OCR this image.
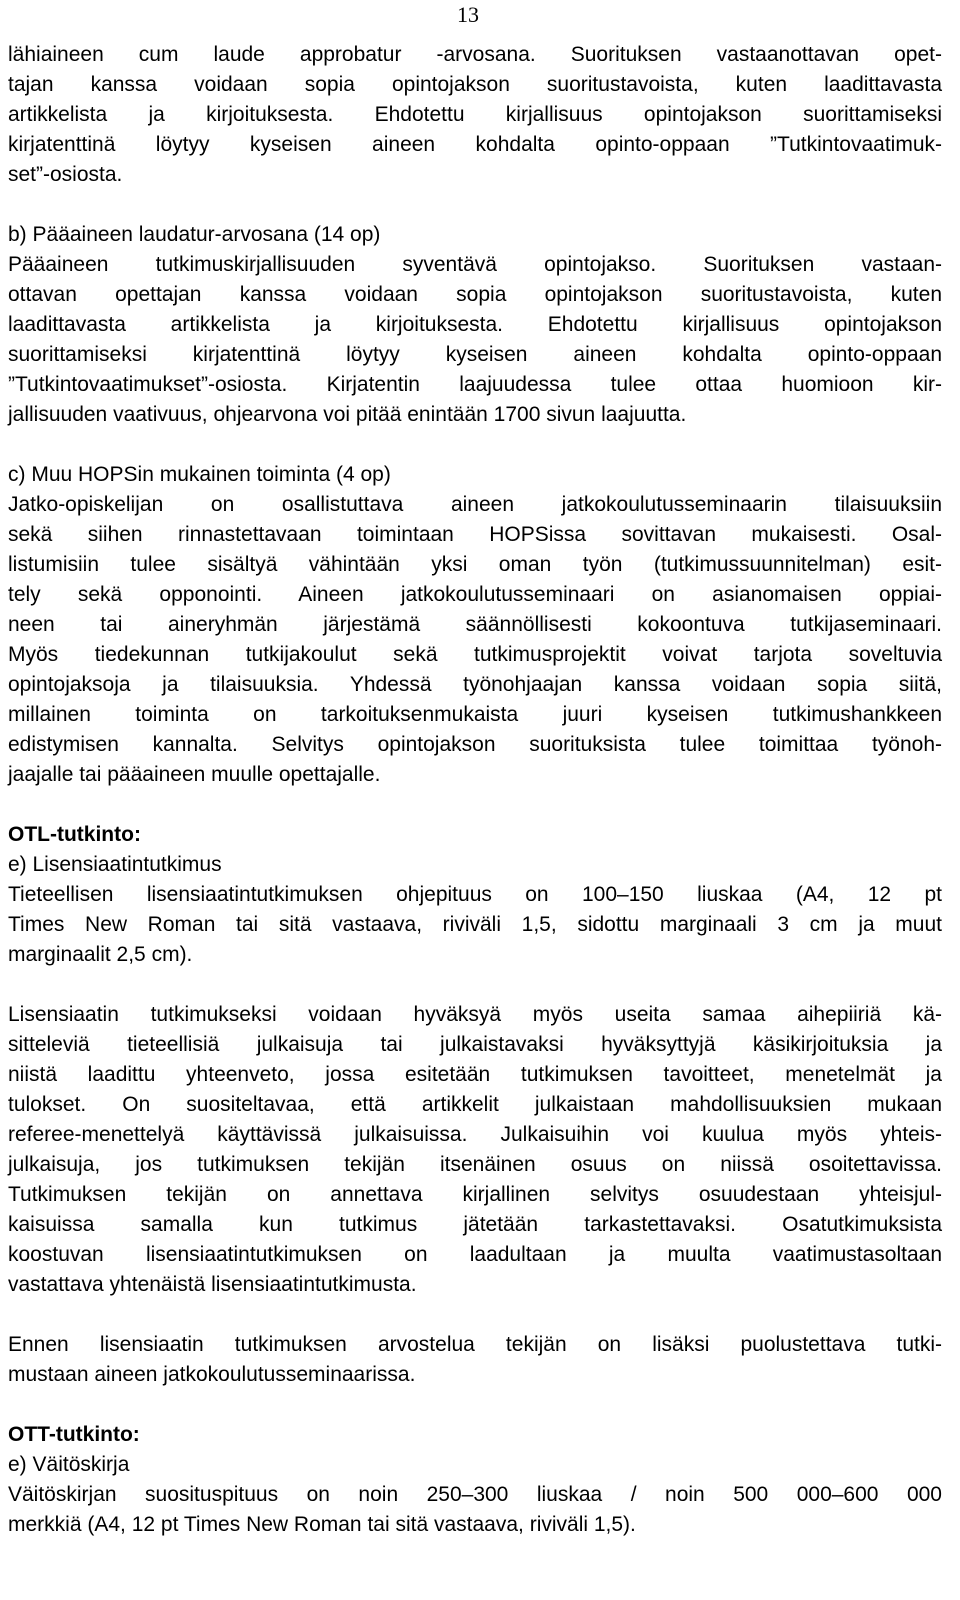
13
lähiaineen cum laude approbatur -arvosana. Suorituksen vastaanottavan opet-
tajan kanssa voidaan sopia opintojakson suoritustavoista, kuten laadittavasta
artikkelista ja kirjoituksesta. Ehdotettu kirjallisuus opintojakson suorittamiseksi
kirjatenttinä löytyy kyseisen aineen kohdalta opinto-oppaan ”Tutkintovaatimuk-
set”-osiosta.
b) Pääaineen laudatur-arvosana (14 op)
Pääaineen tutkimuskirjallisuuden syventävä opintojakso. Suorituksen vastaan-
ottavan opettajan kanssa voidaan sopia opintojakson suoritustavoista, kuten
laadittavasta artikkelista ja kirjoituksesta. Ehdotettu kirjallisuus opintojakson
suorittamiseksi kirjatenttinä löytyy kyseisen aineen kohdalta opinto-oppaan
”Tutkintovaatimukset”-osiosta. Kirjatentin laajuudessa tulee ottaa huomioon kir-
jallisuuden vaativuus, ohjearvona voi pitää enintään 1700 sivun laajuutta.
c) Muu HOPSin mukainen toiminta (4 op)
Jatko-opiskelijan on osallistuttava aineen jatkokoulutusseminaarin tilaisuuksiin
sekä siihen rinnastettavaan toimintaan HOPSissa sovittavan mukaisesti. Osal-
listumisiin tulee sisältyä vähintään yksi oman työn (tutkimussuunnitelman) esit-
tely sekä opponointi. Aineen jatkokoulutusseminaari on asianomaisen oppiai-
neen tai aineryhmän järjestämä säännöllisesti kokoontuva tutkijaseminaari.
Myös tiedekunnan tutkijakoulut sekä tutkimusprojektit voivat tarjota soveltuvia
opintojaksoja ja tilaisuuksia. Yhdessä työnohjaajan kanssa voidaan sopia siitä,
millainen toiminta on tarkoituksenmukaista juuri kyseisen tutkimushankkeen
edistymisen kannalta. Selvitys opintojakson suorituksista tulee toimittaa työnoh-
jaajalle tai pääaineen muulle opettajalle.
OTL-tutkinto:
e) Lisensiaatintutkimus
Tieteellisen lisensiaatintutkimuksen ohjepituus on 100–150 liuskaa (A4, 12 pt
Times New Roman tai sitä vastaava, riviväli 1,5, sidottu marginaali 3 cm ja muut
marginaalit 2,5 cm).
Lisensiaatin tutkimukseksi voidaan hyväksyä myös useita samaa aihepiiriä kä-
sitteleviä tieteellisiä julkaisuja tai julkaistavaksi hyväksyttyjä käsikirjoituksia ja
niistä laadittu yhteenveto, jossa esitetään tutkimuksen tavoitteet, menetelmät ja
tulokset. On suositeltavaa, että artikkelit julkaistaan mahdollisuuksien mukaan
referee-menettelyä käyttävissä julkaisuissa. Julkaisuihin voi kuulua myös yhteis-
julkaisuja, jos tutkimuksen tekijän itsenäinen osuus on niissä osoitettavissa.
Tutkimuksen tekijän on annettava kirjallinen selvitys osuudestaan yhteisjul-
kaisuissa samalla kun tutkimus jätetään tarkastettavaksi. Osatutkimuksista
koostuvan lisensiaatintutkimuksen on laadultaan ja muulta vaatimustasoltaan
vastattava yhtenäistä lisensiaatintutkimusta.
Ennen lisensiaatin tutkimuksen arvostelua tekijän on lisäksi puolustettava tutki-
mustaan aineen jatkokoulutusseminaarissa.
OTT-tutkinto:
e) Väitöskirja
Väitöskirjan suosituspituus on noin 250–300 liuskaa / noin 500 000–600 000
merkkiä (A4, 12 pt Times New Roman tai sitä vastaava, riviväli 1,5).
